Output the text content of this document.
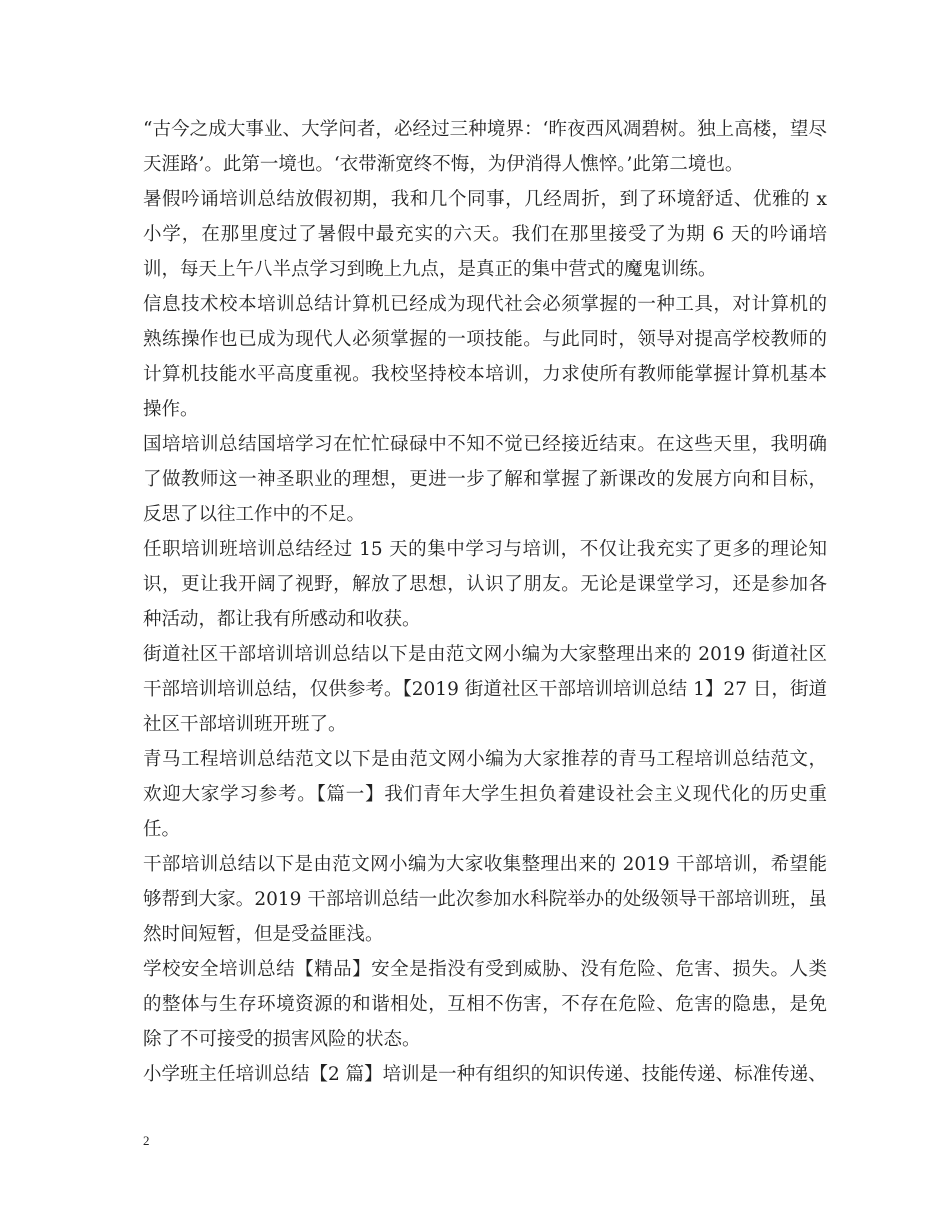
“古今之成大事业、大学问者，必经过三种境界：‘昨夜西风凋碧树。独上高楼，望尽天涯路’。此第一境也。‘衣带渐宽终不悔，为伊消得人憔悴。’此第二境也。

暑假吟诵培训总结放假初期，我和几个同事，几经周折，到了环境舒适、优雅的 x 小学，在那里度过了暑假中最充实的六天。我们在那里接受了为期 6 天的吟诵培训，每天上午八半点学习到晚上九点，是真正的集中营式的魔鬼训练。

信息技术校本培训总结计算机已经成为现代社会必须掌握的一种工具，对计算机的熟练操作也已成为现代人必须掌握的一项技能。与此同时，领导对提高学校教师的计算机技能水平高度重视。我校坚持校本培训，力求使所有教师能掌握计算机基本操作。

国培培训总结国培学习在忙忙碌碌中不知不觉已经接近结束。在这些天里，我明确了做教师这一神圣职业的理想，更进一步了解和掌握了新课改的发展方向和目标，反思了以往工作中的不足。

任职培训班培训总结经过 15 天的集中学习与培训，不仅让我充实了更多的理论知识，更让我开阔了视野，解放了思想，认识了朋友。无论是课堂学习，还是参加各种活动，都让我有所感动和收获。

街道社区干部培训培训总结以下是由范文网小编为大家整理出来的 2019 街道社区干部培训培训总结，仅供参考。【2019 街道社区干部培训培训总结 1】27 日，街道社区干部培训班开班了。

青马工程培训总结范文以下是由范文网小编为大家推荐的青马工程培训总结范文，欢迎大家学习参考。【篇一】我们青年大学生担负着建设社会主义现代化的历史重任。

干部培训总结以下是由范文网小编为大家收集整理出来的 2019 干部培训，希望能够帮到大家。2019 干部培训总结一此次参加水科院举办的处级领导干部培训班，虽然时间短暂，但是受益匪浅。

学校安全培训总结【精品】安全是指没有受到威胁、没有危险、危害、损失。人类的整体与生存环境资源的和谐相处，互相不伤害，不存在危险、危害的隐患，是免除了不可接受的损害风险的状态。

小学班主任培训总结【2 篇】培训是一种有组织的知识传递、技能传递、标准传递、

2
